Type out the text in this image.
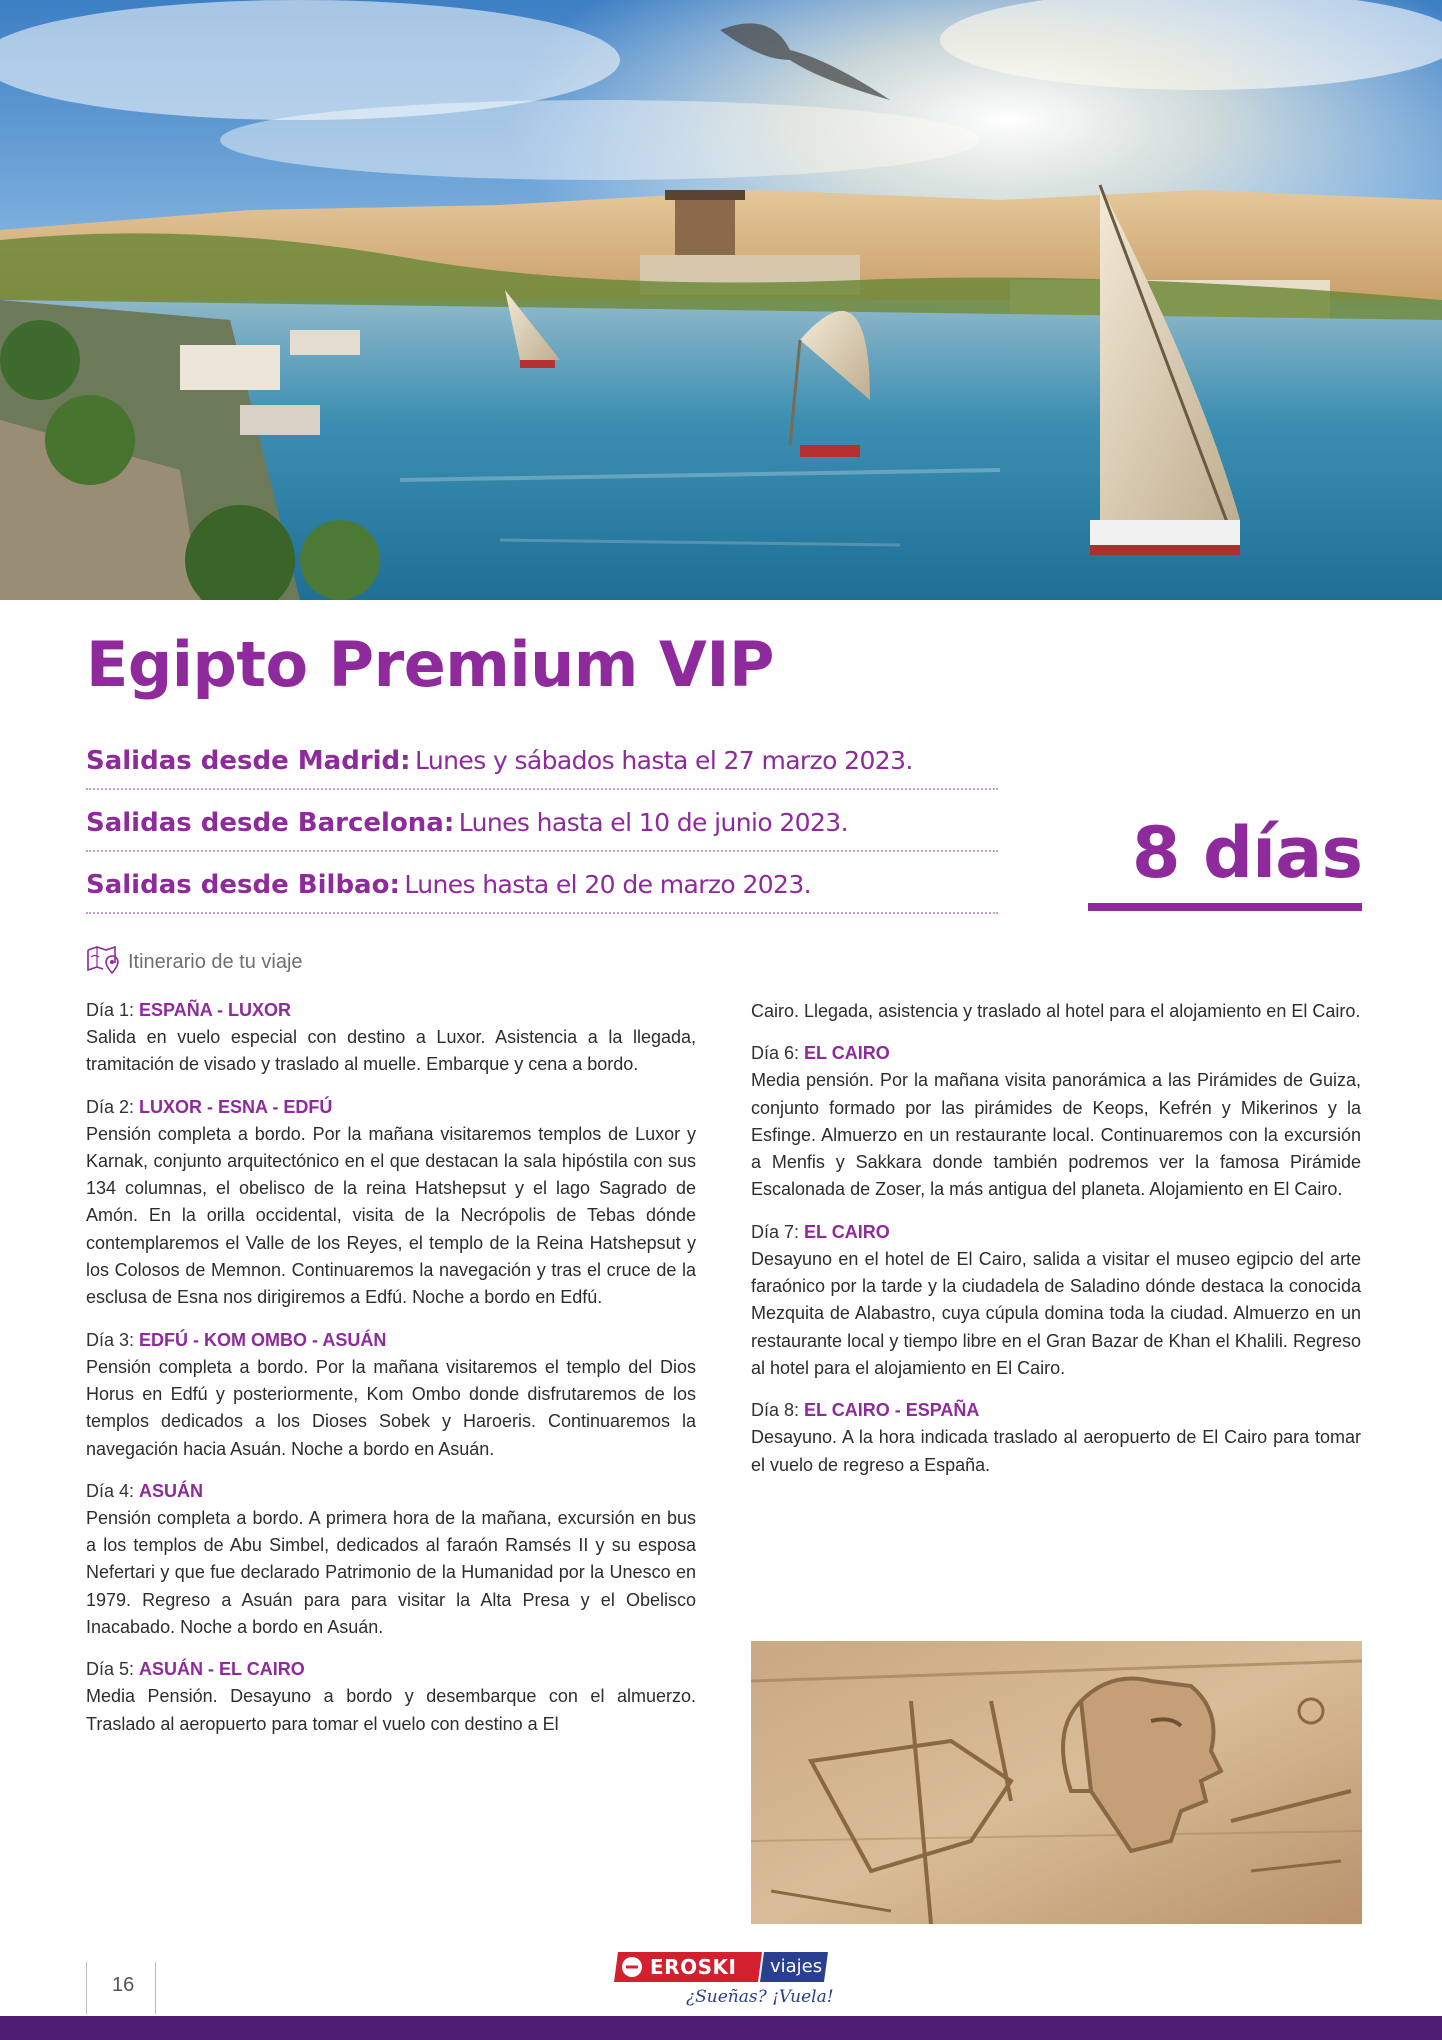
Egipto Premium VIP
Salidas desde Madrid: Lunes y sábados hasta el 27 marzo 2023.
Salidas desde Barcelona: Lunes hasta el 10 de junio 2023.
Salidas desde Bilbao: Lunes hasta el 20 de marzo 2023.	8 días
Itinerario de tu viaje
Día 1: ESPAÑA - LUXOR

Salida en vuelo especial con destino a Luxor. Asistencia a la llegada, tramitación de visado y traslado al muelle. Embarque y cena a bordo.

Día 2: LUXOR - ESNA - EDFÚ

Pensión completa a bordo. Por la mañana visitaremos templos de Luxor y Karnak, conjunto arquitectónico en el que destacan la sala hipóstila con sus 134 columnas, el obelisco de la reina Hatshepsut y el lago Sagrado de Amón. En la orilla occidental, visita de la Necrópolis de Tebas dónde contemplaremos el Valle de los Reyes, el templo de la Reina Hatshepsut y los Colosos de Memnon. Continuaremos la navegación y tras el cruce de la esclusa de Esna nos dirigiremos a Edfú. Noche a bordo en Edfú.

Día 3: EDFÚ - KOM OMBO - ASUÁN

Pensión completa a bordo. Por la mañana visitaremos el templo del Dios Horus en Edfú y posteriormente, Kom Ombo donde disfrutaremos de los templos dedicados a los Dioses Sobek y Haroeris. Continuaremos la navegación hacia Asuán. Noche a bordo en Asuán.

Día 4: ASUÁN

Pensión completa a bordo. A primera hora de la mañana, excursión en bus a los templos de Abu Simbel, dedicados al faraón Ramsés II y su esposa Nefertari y que fue declarado Patrimonio de la Humanidad por la Unesco en 1979. Regreso a Asuán para para visitar la Alta Presa y el Obelisco Inacabado. Noche a bordo en Asuán.

Día 5: ASUÁN - EL CAIRO

Media Pensión. Desayuno a bordo y desembarque con el almuerzo. Traslado al aeropuerto para tomar el vuelo con destino a El

Cairo. Llegada, asistencia y traslado al hotel para el alojamiento en El Cairo.

Día 6: EL CAIRO

Media pensión. Por la mañana visita panorámica a las Pirámides de Guiza, conjunto formado por las pirámides de Keops, Kefrén y Mikerinos y la Esfinge. Almuerzo en un restaurante local. Continuaremos con la excursión a Menfis y Sakkara donde también podremos ver la famosa Pirámide Escalonada de Zoser, la más antigua del planeta. Alojamiento en El Cairo.

Día 7: EL CAIRO

Desayuno en el hotel de El Cairo, salida a visitar el museo egipcio del arte faraónico por la tarde y la ciudadela de Saladino dónde destaca la conocida Mezquita de Alabastro, cuya cúpula domina toda la ciudad. Almuerzo en un restaurante local y tiempo libre en el Gran Bazar de Khan el Khalili. Regreso al hotel para el alojamiento en El Cairo.

Día 8: EL CAIRO - ESPAÑA

Desayuno. A la hora indicada traslado al aeropuerto de El Cairo para tomar el vuelo de regreso a España.

16
EROSKI viajes
¿Sueñas? ¡Vuela!
